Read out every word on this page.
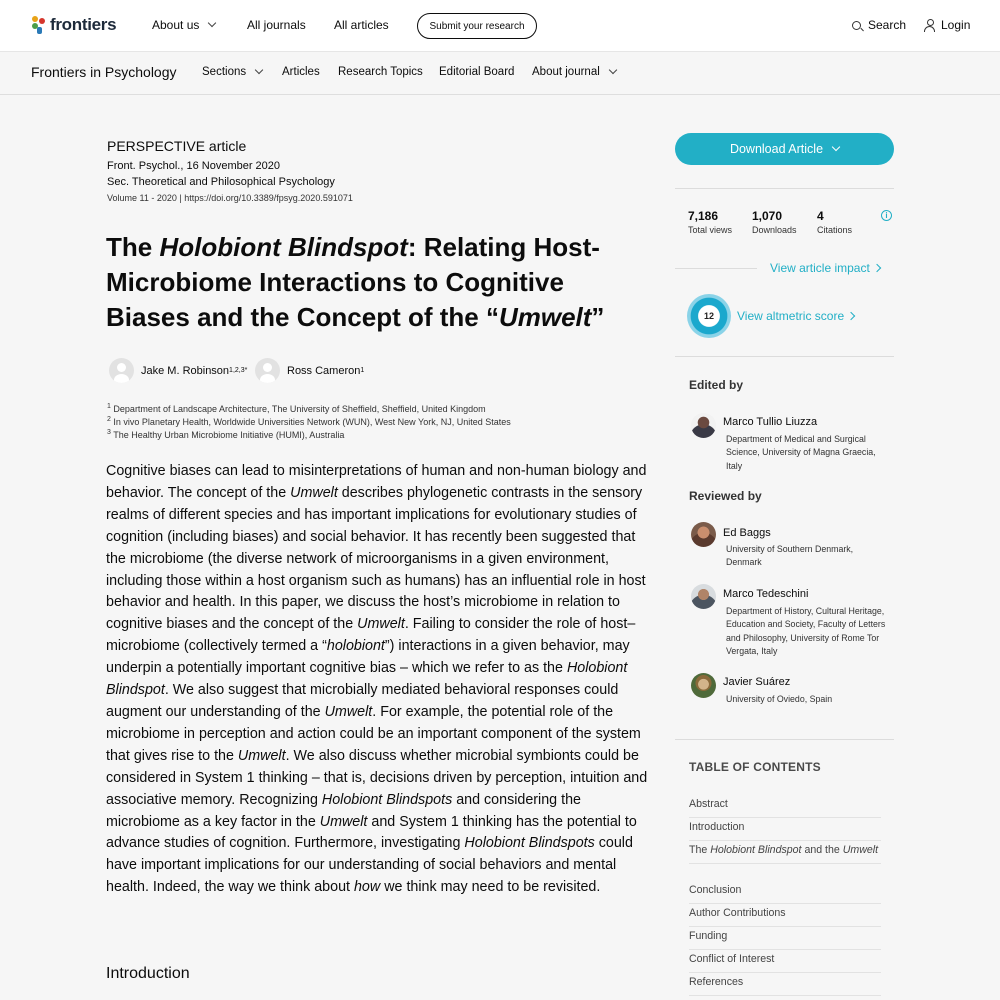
frontiers	About us	All journals All articles	Submit your research	Search	Login
Frontiers in Psychology Sections	Articles Research Topics Editorial Board About journal
PERSPECTIVE article
Front. Psychol., 16 November 2020
Sec. Theoretical and Philosophical Psychology
Volume 11 - 2020 | https://doi.org/10.3389/fpsyg.2020.591071
The Holobiont Blindspot: Relating Host-Microbiome Interactions to Cognitive Biases and the Concept of the “Umwelt”
Jake M. Robinson 1,2,3*	Ross Cameron 1
$^1$ Department of Landscape Architecture, The University of Sheffield, Sheffield, United Kingdom
$^2$ In vivo Planetary Health, Worldwide Universities Network (WUN), West New York, NJ, United States
$^3$ The Healthy Urban Microbiome Initiative (HUMI), Australia

Cognitive biases can lead to misinterpretations of human and non-human biology and behavior. The concept of the Umwelt describes phylogenetic contrasts in the sensory realms of different species and has important implications for evolutionary studies of cognition (including biases) and social behavior. It has recently been suggested that the microbiome (the diverse network of microorganisms in a given environment, including those within a host organism such as humans) has an influential role in host behavior and health. In this paper, we discuss the host’s microbiome in relation to cognitive biases and the concept of the Umwelt. Failing to consider the role of host–microbiome (collectively termed a “holobiont”) interactions in a given behavior, may underpin a potentially important cognitive bias – which we refer to as the Holobiont Blindspot. We also suggest that microbially mediated behavioral responses could augment our understanding of the Umwelt. For example, the potential role of the microbiome in perception and action could be an important component of the system that gives rise to the Umwelt. We also discuss whether microbial symbionts could be considered in System 1 thinking – that is, decisions driven by perception, intuition and associative memory. Recognizing Holobiont Blindspots and considering the microbiome as a key factor in the Umwelt and System 1 thinking has the potential to advance studies of cognition. Furthermore, investigating Holobiont Blindspots could have important implications for our understanding of social behaviors and mental health. Indeed, the way we think about how we think may need to be revisited.

Introduction
Download Article
7,186
Total views
1,070
Downloads
4
Citations
i
View article impact
12	View altmetric score
Edited by
Marco Tullio Liuzza
Department of Medical and Surgical Science, University of Magna Graecia, Italy
Reviewed by
Ed Baggs
University of Southern Denmark, Denmark
Marco Tedeschini
Department of History, Cultural Heritage, Education and Society, Faculty of Letters and Philosophy, University of Rome Tor Vergata, Italy
Javier Suárez
University of Oviedo, Spain
TABLE OF CONTENTS
Abstract
Introduction
The Holobiont Blindspot and the Umwelt
Conclusion
Author Contributions
Funding
Conflict of Interest
References
